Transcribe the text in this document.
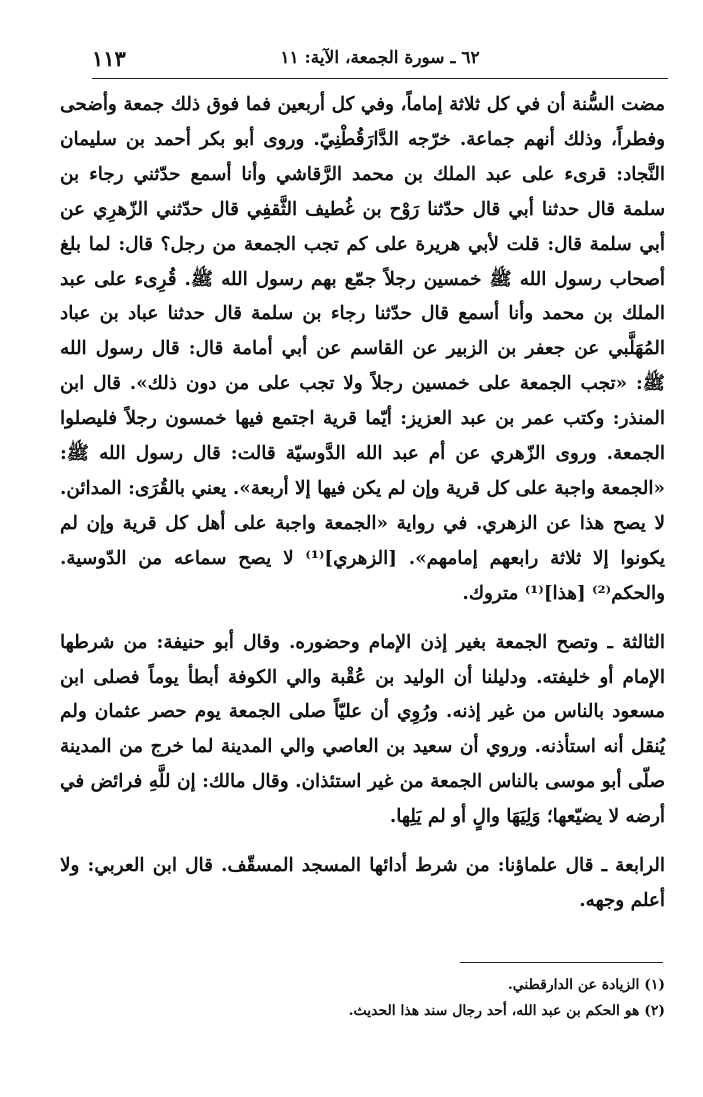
٦٢ ـ سورة الجمعة، الآية: ١١
١١٣

مضت السُّنة أن في كل ثلاثة إماماً، وفي كل أربعين فما فوق ذلك جمعة وأضحى وفطراً، وذلك أنهم جماعة. خرّجه الدَّارَقُطْنِيّ. وروى أبو بكر أحمد بن سليمان النَّجاد: قرىء على عبد الملك بن محمد الرَّقاشي وأنا أسمع حدّثني رجاء بن سلمة قال حدثنا أبي قال حدّثنا رَوْح بن غُطيف الثَّقفِي قال حدّثني الزّهرِي عن أبي سلمة قال: قلت لأبي هريرة على كم تجب الجمعة من رجل؟ قال: لما بلغ أصحاب رسول الله ﷺ خمسين رجلاً جمّع بهم رسول الله ﷺ. قُرِىء على عبد الملك بن محمد وأنا أسمع قال حدّثنا رجاء بن سلمة قال حدثنا عباد بن عباد المُهَلَّبي عن جعفر بن الزبير عن القاسم عن أبي أمامة قال: قال رسول الله ﷺ: «تجب الجمعة على خمسين رجلاً ولا تجب على من دون ذلك». قال ابن المنذر: وكتب عمر بن عبد العزيز: أيّما قرية اجتمع فيها خمسون رجلاً فليصلوا الجمعة. وروى الزّهري عن أم عبد الله الدَّوسيّة قالت: قال رسول الله ﷺ: «الجمعة واجبة على كل قرية وإن لم يكن فيها إلا أربعة». يعني بالقُرَى: المدائن. لا يصح هذا عن الزهري. في رواية «الجمعة واجبة على أهل كل قرية وإن لم يكونوا إلا ثلاثة رابعهم إمامهم». [الزهري]⁽¹⁾ لا يصح سماعه من الدّوسية. والحكم⁽²⁾ [هذا]⁽¹⁾ متروك.

الثالثة ـ وتصح الجمعة بغير إذن الإمام وحضوره. وقال أبو حنيفة: من شرطها الإمام أو خليفته. ودليلنا أن الوليد بن عُقْبة والي الكوفة أبطأ يوماً فصلى ابن مسعود بالناس من غير إذنه. ورُوِي أن عليّاً صلى الجمعة يوم حصر عثمان ولم يُنقل أنه استأذنه. وروي أن سعيد بن العاصي والي المدينة لما خرج من المدينة صلّى أبو موسى بالناس الجمعة من غير استئذان. وقال مالك: إن للَّهِ فرائض في أرضه لا يضيّعها؛ وَلِيَهَا والٍ أو لم يَلِها.

الرابعة ـ قال علماؤنا: من شرط أدائها المسجد المسقّف. قال ابن العربي: ولا أعلم وجهه.

(١) الزيادة عن الدارقطني.

(٢) هو الحكم بن عبد الله، أحد رجال سند هذا الحديث.
